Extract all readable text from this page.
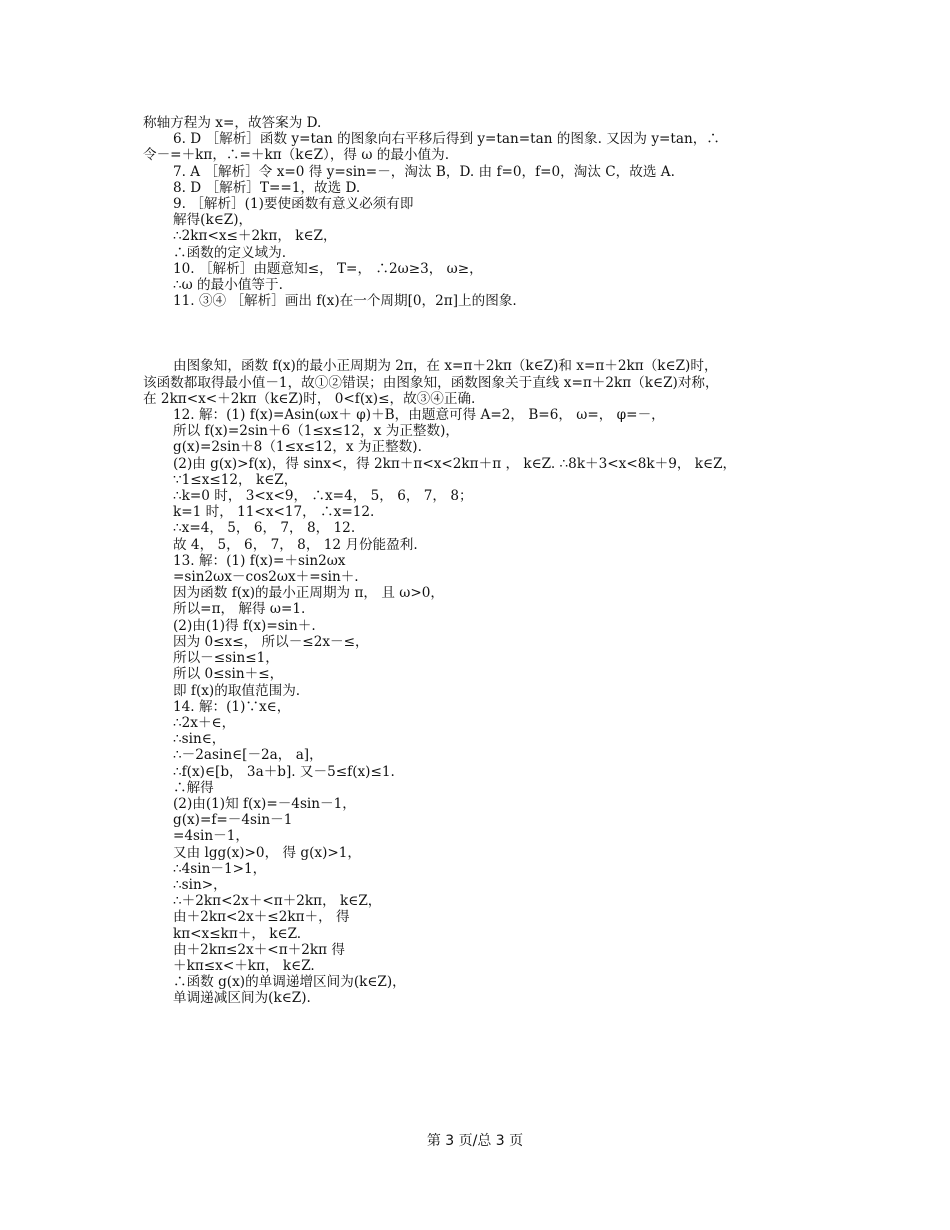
称轴方程为 x=，故答案为 D.

6. D ［解析］函数 y=tan 的图象向右平移后得到 y=tan=tan 的图象. 又因为 y=tan，∴

令－=＋kπ，∴=＋kπ（k∈Z），得 ω 的最小值为.

7. A ［解析］令 x=0 得 y=sin=－，淘汰 B，D. 由 f=0，f=0，淘汰 C，故选 A.

8. D ［解析］T==1，故选 D.

9. ［解析］(1)要使函数有意义必须有即

解得(k∈Z)，

∴2kπ<x≤＋2kπ， k∈Z，

∴函数的定义域为.

10. ［解析］由题意知≤， T=， ∴2ω≥3， ω≥，

∴ω 的最小值等于.

11. ③④ ［解析］画出 f(x)在一个周期[0，2π]上的图象.

由图象知，函数 f(x)的最小正周期为 2π，在 x=π＋2kπ（k∈Z)和 x=π＋2kπ（k∈Z)时，

该函数都取得最小值－1，故①②错误；由图象知，函数图象关于直线 x=π＋2kπ（k∈Z)对称，

在 2kπ<x<＋2kπ（k∈Z)时， 0<f(x)≤，故③④正确.

12. 解：(1) f(x)=Asin(ωx＋ φ)＋B，由题意可得 A=2， B=6， ω=， φ=－，

所以 f(x)=2sin＋6（1≤x≤12，x 为正整数)，

g(x)=2sin＋8（1≤x≤12，x 为正整数).

(2)由 g(x)>f(x)，得 sinx<，得 2kπ＋π<x<2kπ＋π ， k∈Z. ∴8k＋3<x<8k＋9， k∈Z，

∵1≤x≤12， k∈Z，

∴k=0 时， 3<x<9， ∴x=4， 5， 6， 7， 8；

k=1 时， 11<x<17， ∴x=12.

∴x=4， 5， 6， 7， 8， 12.

故 4， 5， 6， 7， 8， 12 月份能盈利.

13. 解：(1) f(x)=＋sin2ωx

=sin2ωx－cos2ωx＋=sin＋.

因为函数 f(x)的最小正周期为 π， 且 ω>0，

所以=π， 解得 ω=1.

(2)由(1)得 f(x)=sin＋.

因为 0≤x≤， 所以－≤2x－≤，

所以－≤sin≤1，

所以 0≤sin＋≤，

即 f(x)的取值范围为.

14. 解：(1)∵x∈，

∴2x＋∈，

∴sin∈，

∴－2asin∈[－2a， a]，

∴f(x)∈[b， 3a＋b]. 又－5≤f(x)≤1.

∴解得

(2)由(1)知 f(x)=－4sin－1，

g(x)=f=－4sin－1

=4sin－1，

又由 lgg(x)>0， 得 g(x)>1，

∴4sin－1>1，

∴sin>，

∴＋2kπ<2x＋<π＋2kπ， k∈Z，

由＋2kπ<2x＋≤2kπ＋， 得

kπ<x≤kπ＋， k∈Z.

由＋2kπ≤2x＋<π＋2kπ 得

＋kπ≤x<＋kπ， k∈Z.

∴函数 g(x)的单调递增区间为(k∈Z)，

单调递减区间为(k∈Z).

第 3 页/总 3 页
